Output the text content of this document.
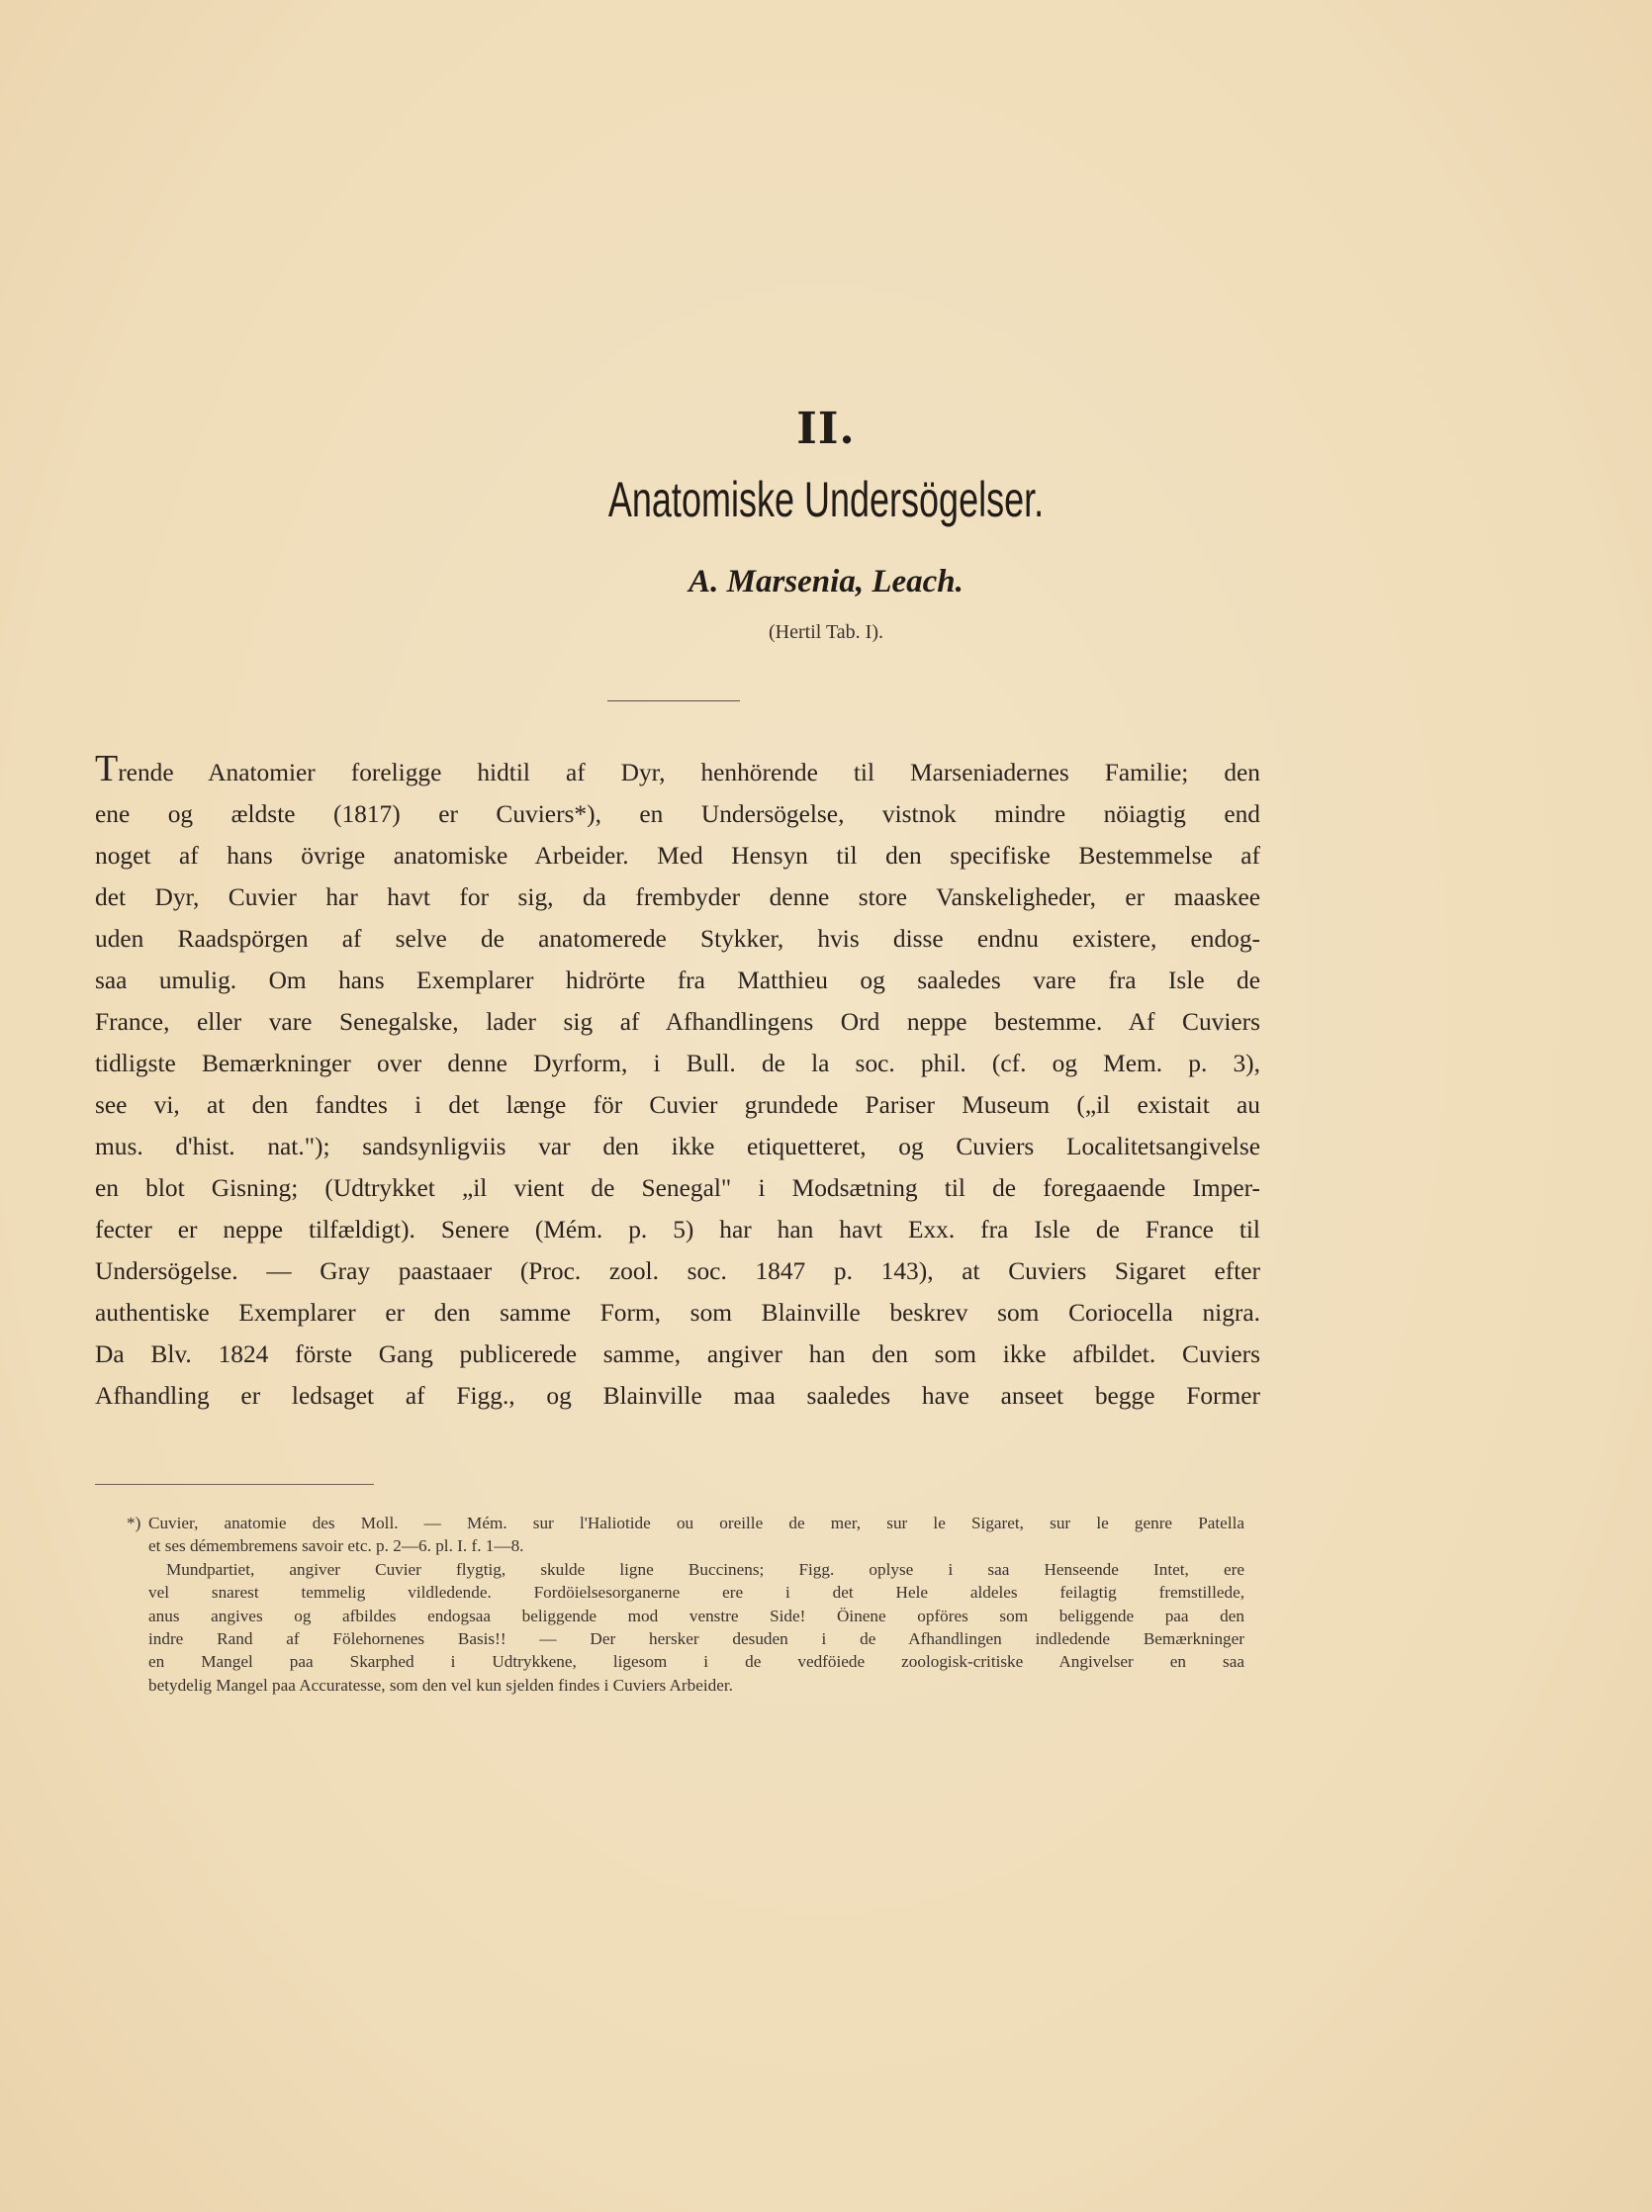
II.
Anatomiske Undersögelser.
A. Marsenia, Leach.
(Hertil Tab. I).
Trende Anatomier foreligge hidtil af Dyr, henhörende til Marseniadernes Familie; den
ene og ældste (1817) er Cuviers*), en Undersögelse, vistnok mindre nöiagtig end
noget af hans övrige anatomiske Arbeider. Med Hensyn til den specifiske Bestemmelse af
det Dyr, Cuvier har havt for sig, da frembyder denne store Vanskeligheder, er maaskee
uden Raadspörgen af selve de anatomerede Stykker, hvis disse endnu existere, endog-
saa umulig. Om hans Exemplarer hidrörte fra Matthieu og saaledes vare fra Isle de
France, eller vare Senegalske, lader sig af Afhandlingens Ord neppe bestemme. Af Cuviers
tidligste Bemærkninger over denne Dyrform, i Bull. de la soc. phil. (cf. og Mem. p. 3),
see vi, at den fandtes i det længe för Cuvier grundede Pariser Museum („il existait au
mus. d'hist. nat."); sandsynligviis var den ikke etiquetteret, og Cuviers Localitetsangivelse
en blot Gisning; (Udtrykket „il vient de Senegal" i Modsætning til de foregaaende Imper-
fecter er neppe tilfældigt). Senere (Mém. p. 5) har han havt Exx. fra Isle de France til
Undersögelse. — Gray paastaaer (Proc. zool. soc. 1847 p. 143), at Cuviers Sigaret efter
authentiske Exemplarer er den samme Form, som Blainville beskrev som Coriocella nigra.
Da Blv. 1824 förste Gang publicerede samme, angiver han den som ikke afbildet. Cuviers
Afhandling er ledsaget af Figg., og Blainville maa saaledes have anseet begge Former
*) Cuvier, anatomie des Moll. — Mém. sur l'Haliotide ou oreille de mer, sur le Sigaret, sur le genre Patella
et ses démembremens savoir etc. p. 2—6. pl. I. f. 1—8.
Mundpartiet, angiver Cuvier flygtig, skulde ligne Buccinens; Figg. oplyse i saa Henseende Intet, ere
vel snarest temmelig vildledende. Fordöielsesorganerne ere i det Hele aldeles feilagtig fremstillede,
anus angives og afbildes endogsaa beliggende mod venstre Side! Öinene opföres som beliggende paa den
indre Rand af Fölehornenes Basis!! — Der hersker desuden i de Afhandlingen indledende Bemærkninger
en Mangel paa Skarphed i Udtrykkene, ligesom i de vedföiede zoologisk-critiske Angivelser en saa
betydelig Mangel paa Accuratesse, som den vel kun sjelden findes i Cuviers Arbeider.
